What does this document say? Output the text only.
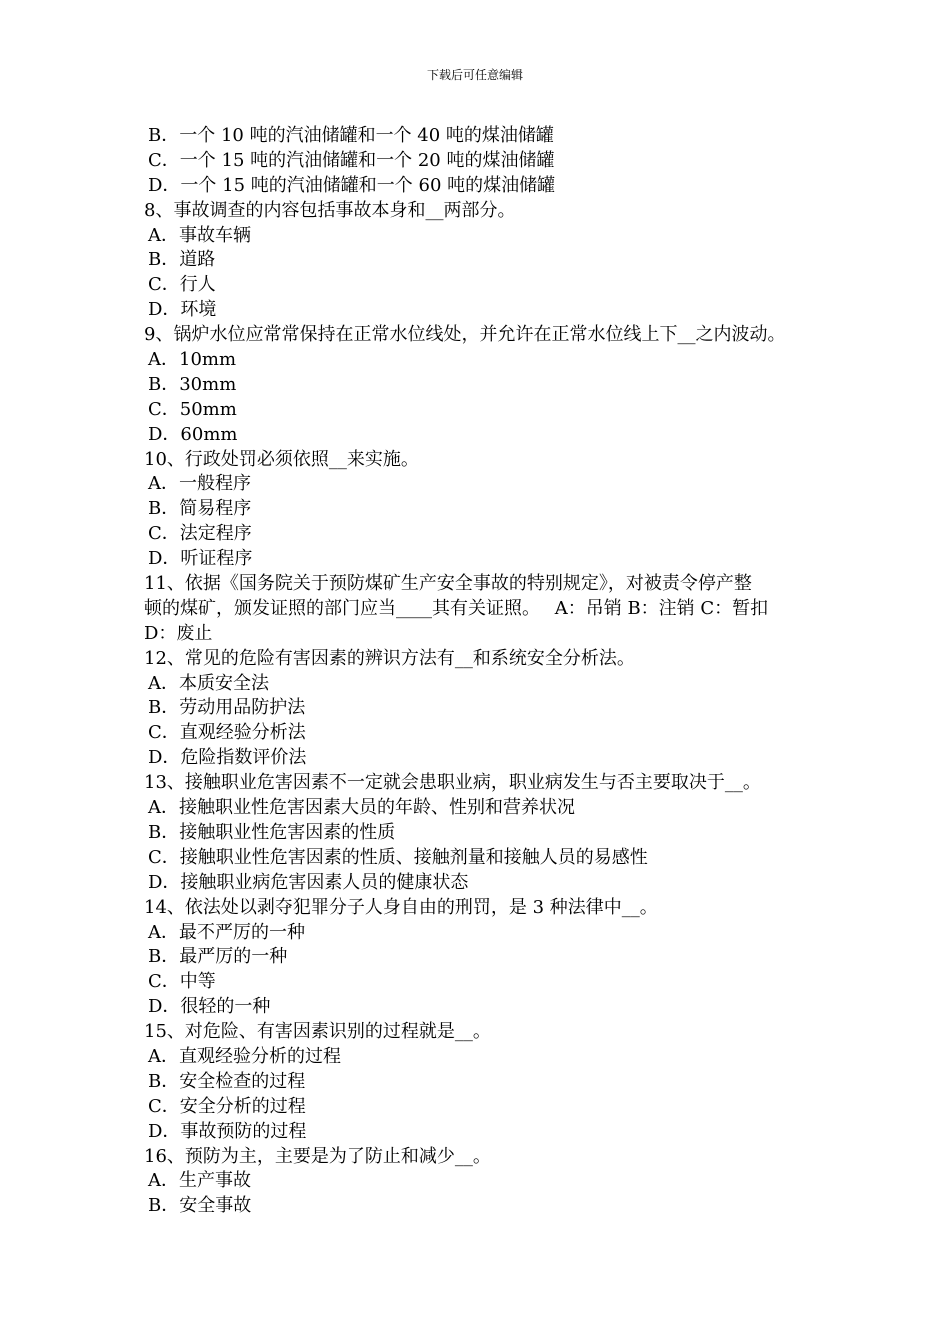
下载后可任意编辑
B．一个 10 吨的汽油储罐和一个 40 吨的煤油储罐
C．一个 15 吨的汽油储罐和一个 20 吨的煤油储罐
D．一个 15 吨的汽油储罐和一个 60 吨的煤油储罐
8、事故调查的内容包括事故本身和__两部分。
A．事故车辆
B．道路
C．行人
D．环境
9、锅炉水位应常常保持在正常水位线处，并允许在正常水位线上下__之内波动。
A．10mm
B．30mm
C．50mm
D．60mm
10、行政处罚必须依照__来实施。
A．一般程序
B．简易程序
C．法定程序
D．听证程序
11、依据《国务院关于预防煤矿生产安全事故的特别规定》，对被责令停产整
顿的煤矿，颁发证照的部门应当____其有关证照。　 A：吊销 B：注销 C：暂扣
D：废止
12、常见的危险有害因素的辨识方法有__和系统安全分析法。
A．本质安全法
B．劳动用品防护法
C．直观经验分析法
D．危险指数评价法
13、接触职业危害因素不一定就会患职业病，职业病发生与否主要取决于__。
A．接触职业性危害因素大员的年龄、性别和营养状况
B．接触职业性危害因素的性质
C．接触职业性危害因素的性质、接触剂量和接触人员的易感性
D．接触职业病危害因素人员的健康状态
14、依法处以剥夺犯罪分子人身自由的刑罚，是 3 种法律中__。
A．最不严厉的一种
B．最严厉的一种
C．中等
D．很轻的一种
15、对危险、有害因素识别的过程就是__。
A．直观经验分析的过程
B．安全检查的过程
C．安全分析的过程
D．事故预防的过程
16、预防为主，主要是为了防止和减少__。
A．生产事故
B．安全事故
